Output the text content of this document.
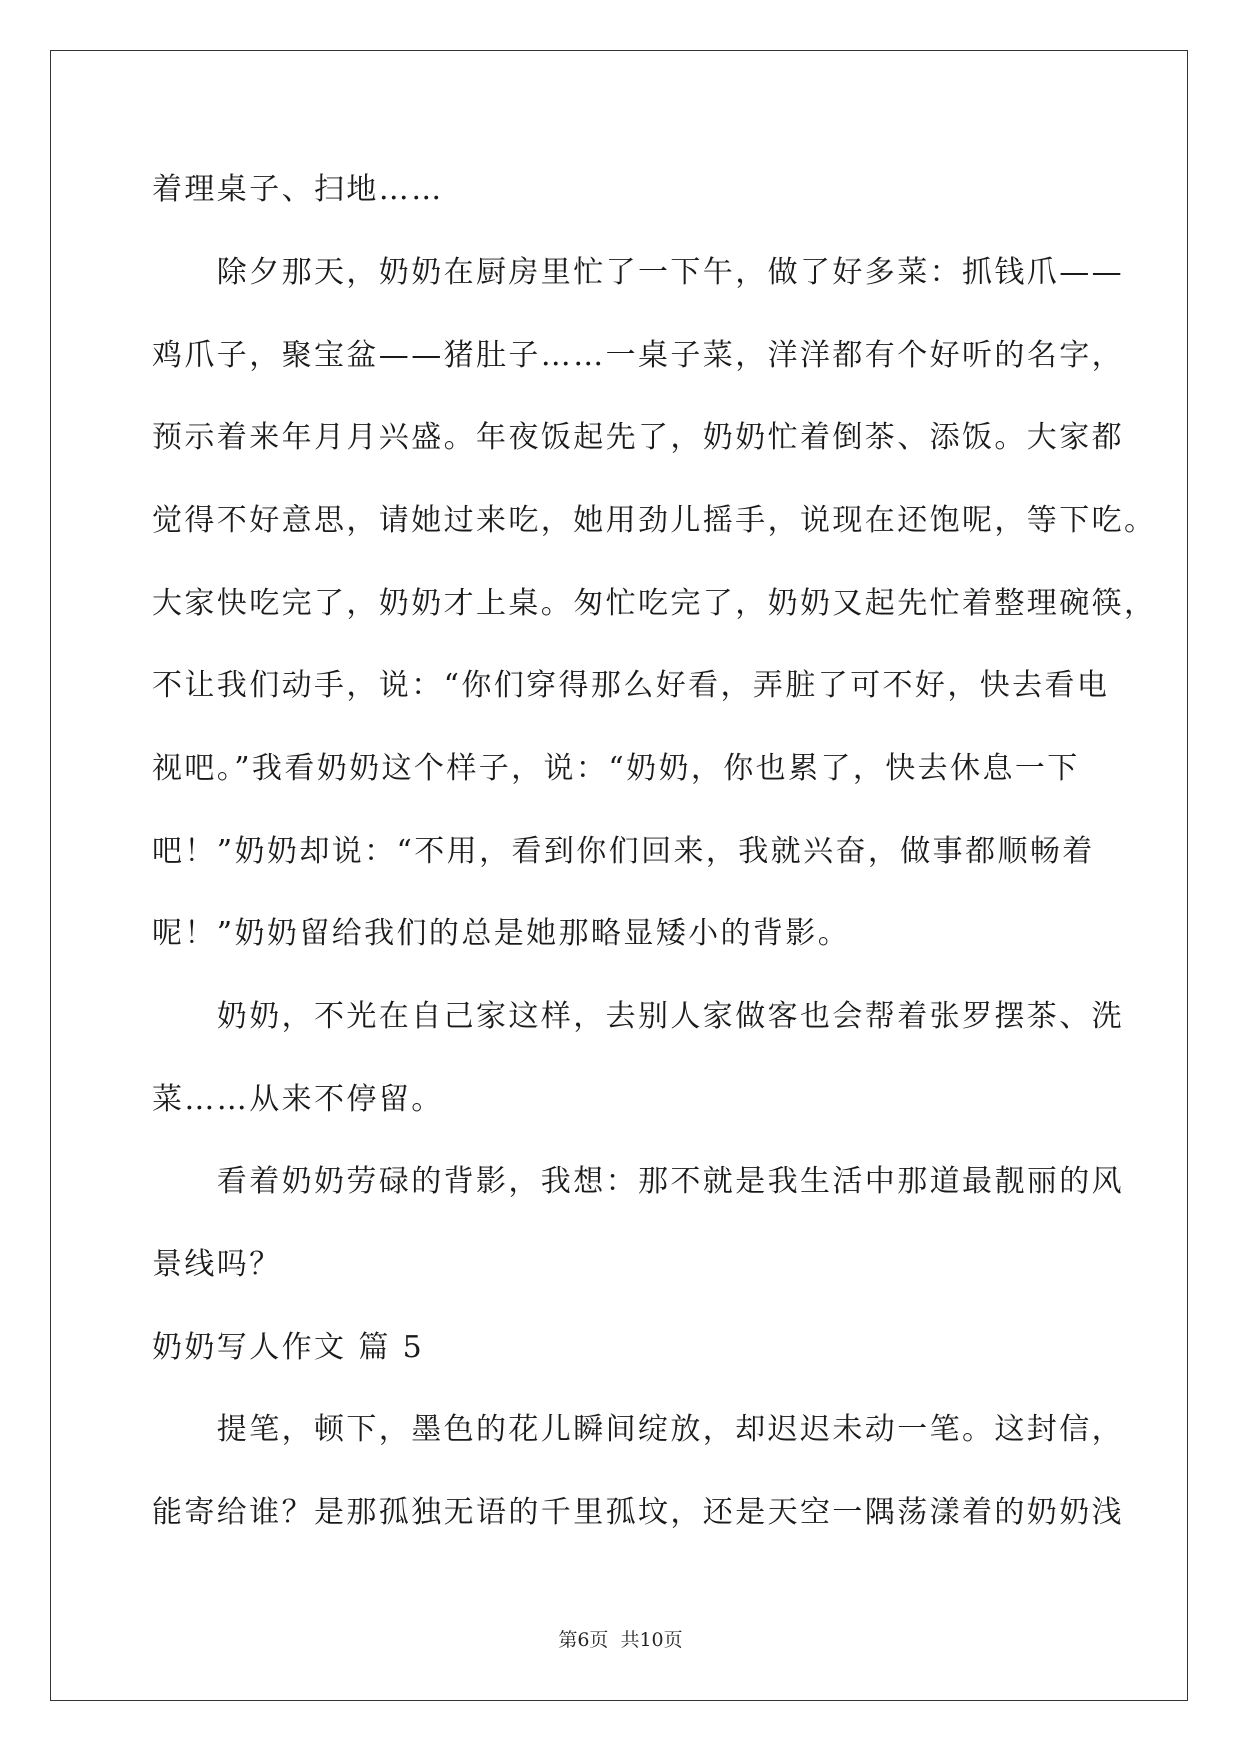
着理桌子、扫地……
　　除夕那天，奶奶在厨房里忙了一下午，做了好多菜：抓钱爪——
鸡爪子，聚宝盆——猪肚子……一桌子菜，洋洋都有个好听的名字，
预示着来年月月兴盛。年夜饭起先了，奶奶忙着倒茶、添饭。大家都
觉得不好意思，请她过来吃，她用劲儿摇手，说现在还饱呢，等下吃。
大家快吃完了，奶奶才上桌。匆忙吃完了，奶奶又起先忙着整理碗筷，
不让我们动手，说：“你们穿得那么好看，弄脏了可不好，快去看电
视吧。”我看奶奶这个样子，说：“奶奶，你也累了，快去休息一下
吧！”奶奶却说：“不用，看到你们回来，我就兴奋，做事都顺畅着
呢！”奶奶留给我们的总是她那略显矮小的背影。
　　奶奶，不光在自己家这样，去别人家做客也会帮着张罗摆茶、洗
菜……从来不停留。
　　看着奶奶劳碌的背影，我想：那不就是我生活中那道最靓丽的风
景线吗？
奶奶写人作文 篇 5
　　提笔，顿下，墨色的花儿瞬间绽放，却迟迟未动一笔。这封信，
能寄给谁？是那孤独无语的千里孤坟，还是天空一隅荡漾着的奶奶浅
第6页 共10页
